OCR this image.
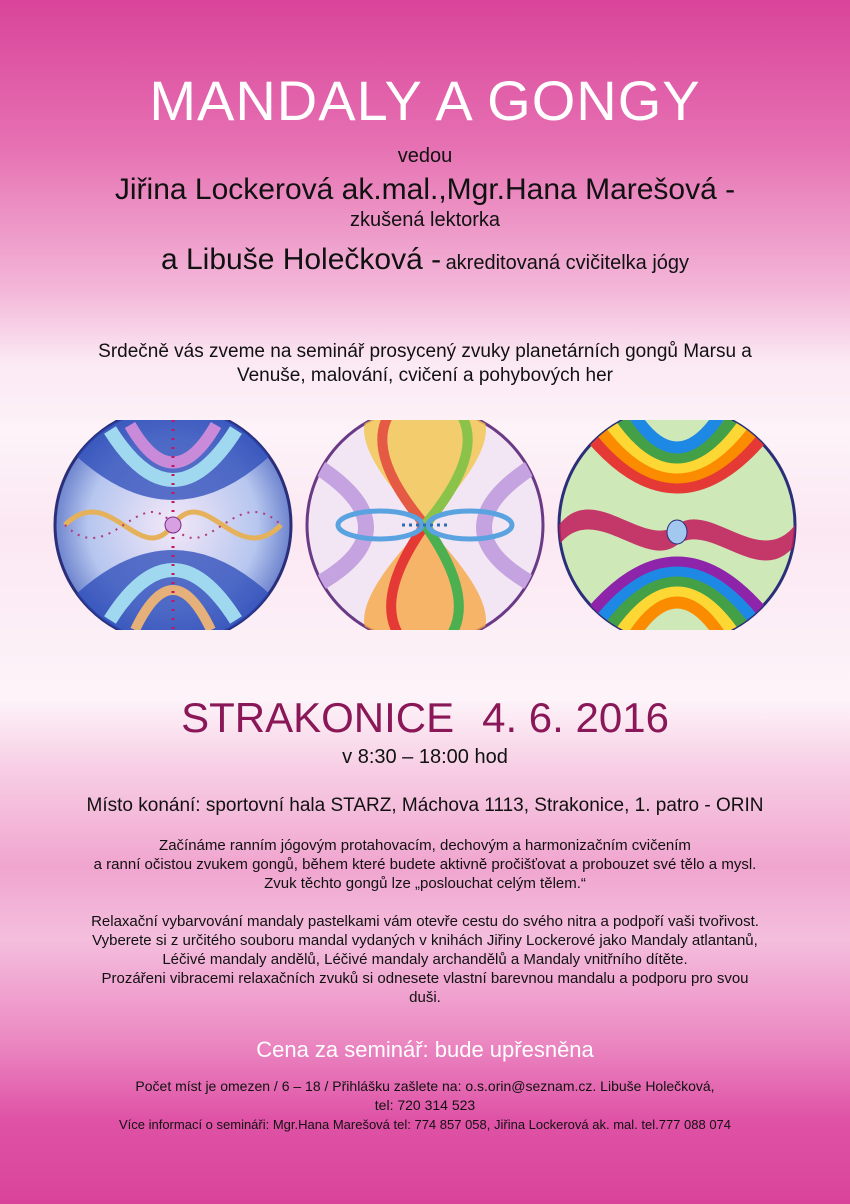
MANDALY A GONGY
vedou
Jiřina Lockerová ak.mal.,Mgr.Hana Marešová -
zkušená lektorka
a Libuše Holečková - akreditovaná cvičitelka jógy
Srdečně vás zveme na seminář prosycený zvuky planetárních gongů Marsu a
Venuše, malování, cvičení a pohybových her
STRAKONICE 4. 6. 2016
v 8:30 – 18:00 hod
Místo konání: sportovní hala STARZ, Máchova 1113, Strakonice, 1. patro - ORIN
Začínáme ranním jógovým protahovacím, dechovým a harmonizačním cvičením
a ranní očistou zvukem gongů, během které budete aktivně pročišťovat a probouzet své tělo a mysl.
Zvuk těchto gongů lze „poslouchat celým tělem.“
Relaxační vybarvování mandaly pastelkami vám otevře cestu do svého nitra a podpoří vaši tvořivost.
Vyberete si z určitého souboru mandal vydaných v knihách Jiřiny Lockerové jako Mandaly atlantanů,
Léčivé mandaly andělů, Léčivé mandaly archandělů a Mandaly vnitřního dítěte.
Prozářeni vibracemi relaxačních zvuků si odnesete vlastní barevnou mandalu a podporu pro svou
duši.
Cena za seminář: bude upřesněna
Počet míst je omezen / 6 – 18 / Přihlášku zašlete na: o.s.orin@seznam.cz. Libuše Holečková,
tel: 720 314 523
Více informací o semináři: Mgr.Hana Marešová tel: 774 857 058, Jiřina Lockerová ak. mal. tel.777 088 074
